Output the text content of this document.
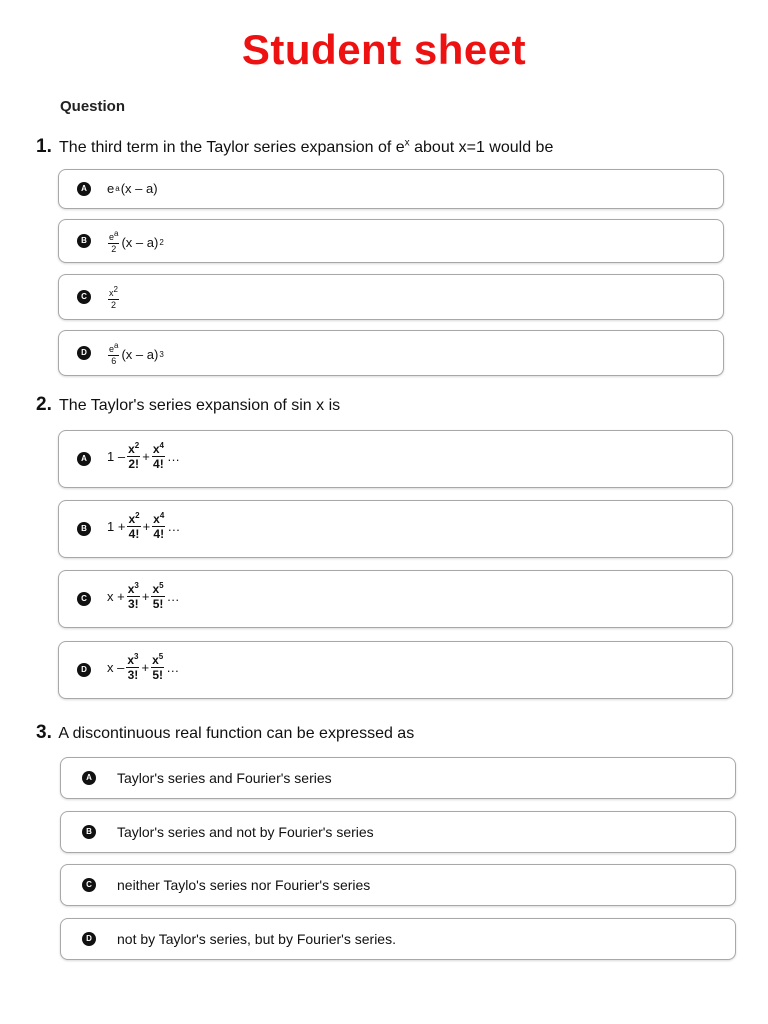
Student sheet
Question
1. The third term in the Taylor series expansion of $e^x$ about x=1 would be
A	e a (x – a)
B	$\frac{e^a}{2} (x - a)$ 2
C	$\frac{x^2}{2}$
D	$\frac{e^a}{6} (x - a)$ 3
2. The Taylor's series expansion of sin x is
A	$1 - \frac{x^2}{2!} + \frac{x^4}{4!}$ …
B	$1 + \frac{x^2}{4!} + \frac{x^4}{4!}$ …
C	$x + \frac{x^3}{3!} + \frac{x^5}{5!}$ …
D	$x - \frac{x^3}{3!} + \frac{x^5}{5!}$ …
3. A discontinuous real function can be expressed as
A Taylor's series and Fourier's series
B Taylor's series and not by Fourier's series
C neither Taylo's series nor Fourier's series
D not by Taylor's series, but by Fourier's series.
